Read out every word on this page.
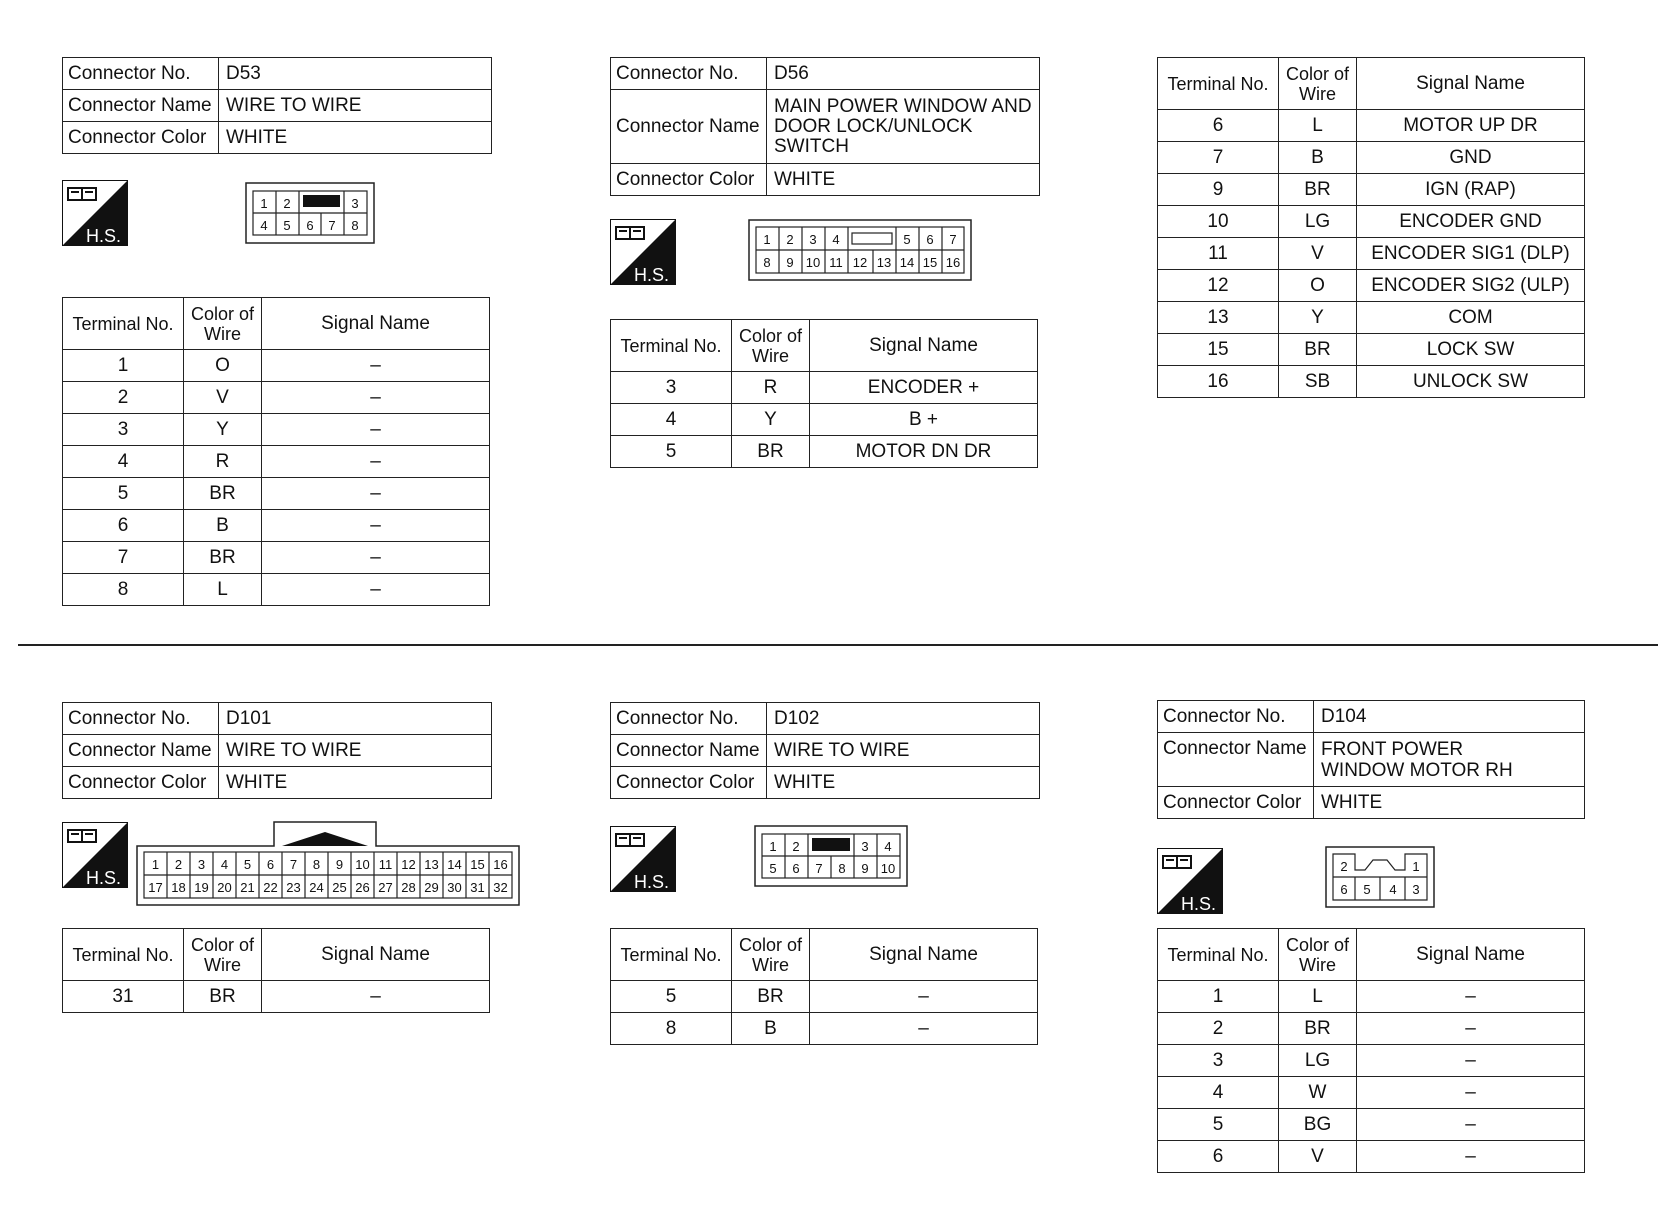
Connector No.	D53
Connector Name	WIRE TO WIRE
Connector Color	WHITE
H.S.
1 2	3
4 5 6 7 8
Terminal No.	Color of Wire	Signal Name
1	O	–
2	V	–
3	Y	–
4	R	–
5	BR	–
6	B	–
7	BR	–
8	L	–
Connector No.	D56
Connector Name	MAIN POWER WINDOW AND DOOR LOCK/UNLOCK SWITCH
Connector Color	WHITE
H.S.
1 2 3 4	5 6 7
8 9 10 11 12 13 14 15 16
Terminal No.	Color of Wire	Signal Name
3	R	ENCODER +
4	Y	B +
5	BR	MOTOR DN DR
Terminal No.	Color of Wire	Signal Name
6	L	MOTOR UP DR
7	B	GND
9	BR	IGN (RAP)
10	LG	ENCODER GND
11	V	ENCODER SIG1 (DLP)
12	O	ENCODER SIG2 (ULP)
13	Y	COM
15	BR	LOCK SW
16	SB	UNLOCK SW
Connector No.	D101
Connector Name	WIRE TO WIRE
Connector Color	WHITE
H.S.
1
17
2
18
3
19
4
20
5
21
6
22
7
23
8
24
9
25
10
26
11
27
12
28
13
29
14
30
15
31
16
32
Terminal No.	Color of Wire	Signal Name
31	BR	–
Connector No.	D102
Connector Name	WIRE TO WIRE
Connector Color	WHITE
H.S.
1 2	3 4
5 6 7 8 9 10
Terminal No.	Color of Wire	Signal Name
5	BR	–
8	B	–
Connector No.	D104
Connector Name	FRONT POWER WINDOW MOTOR RH
Connector Color	WHITE
H.S.
2	1
6 5 4 3
Terminal No.	Color of Wire	Signal Name
1	L	–
2	BR	–
3	LG	–
4	W	–
5	BG	–
6	V	–
